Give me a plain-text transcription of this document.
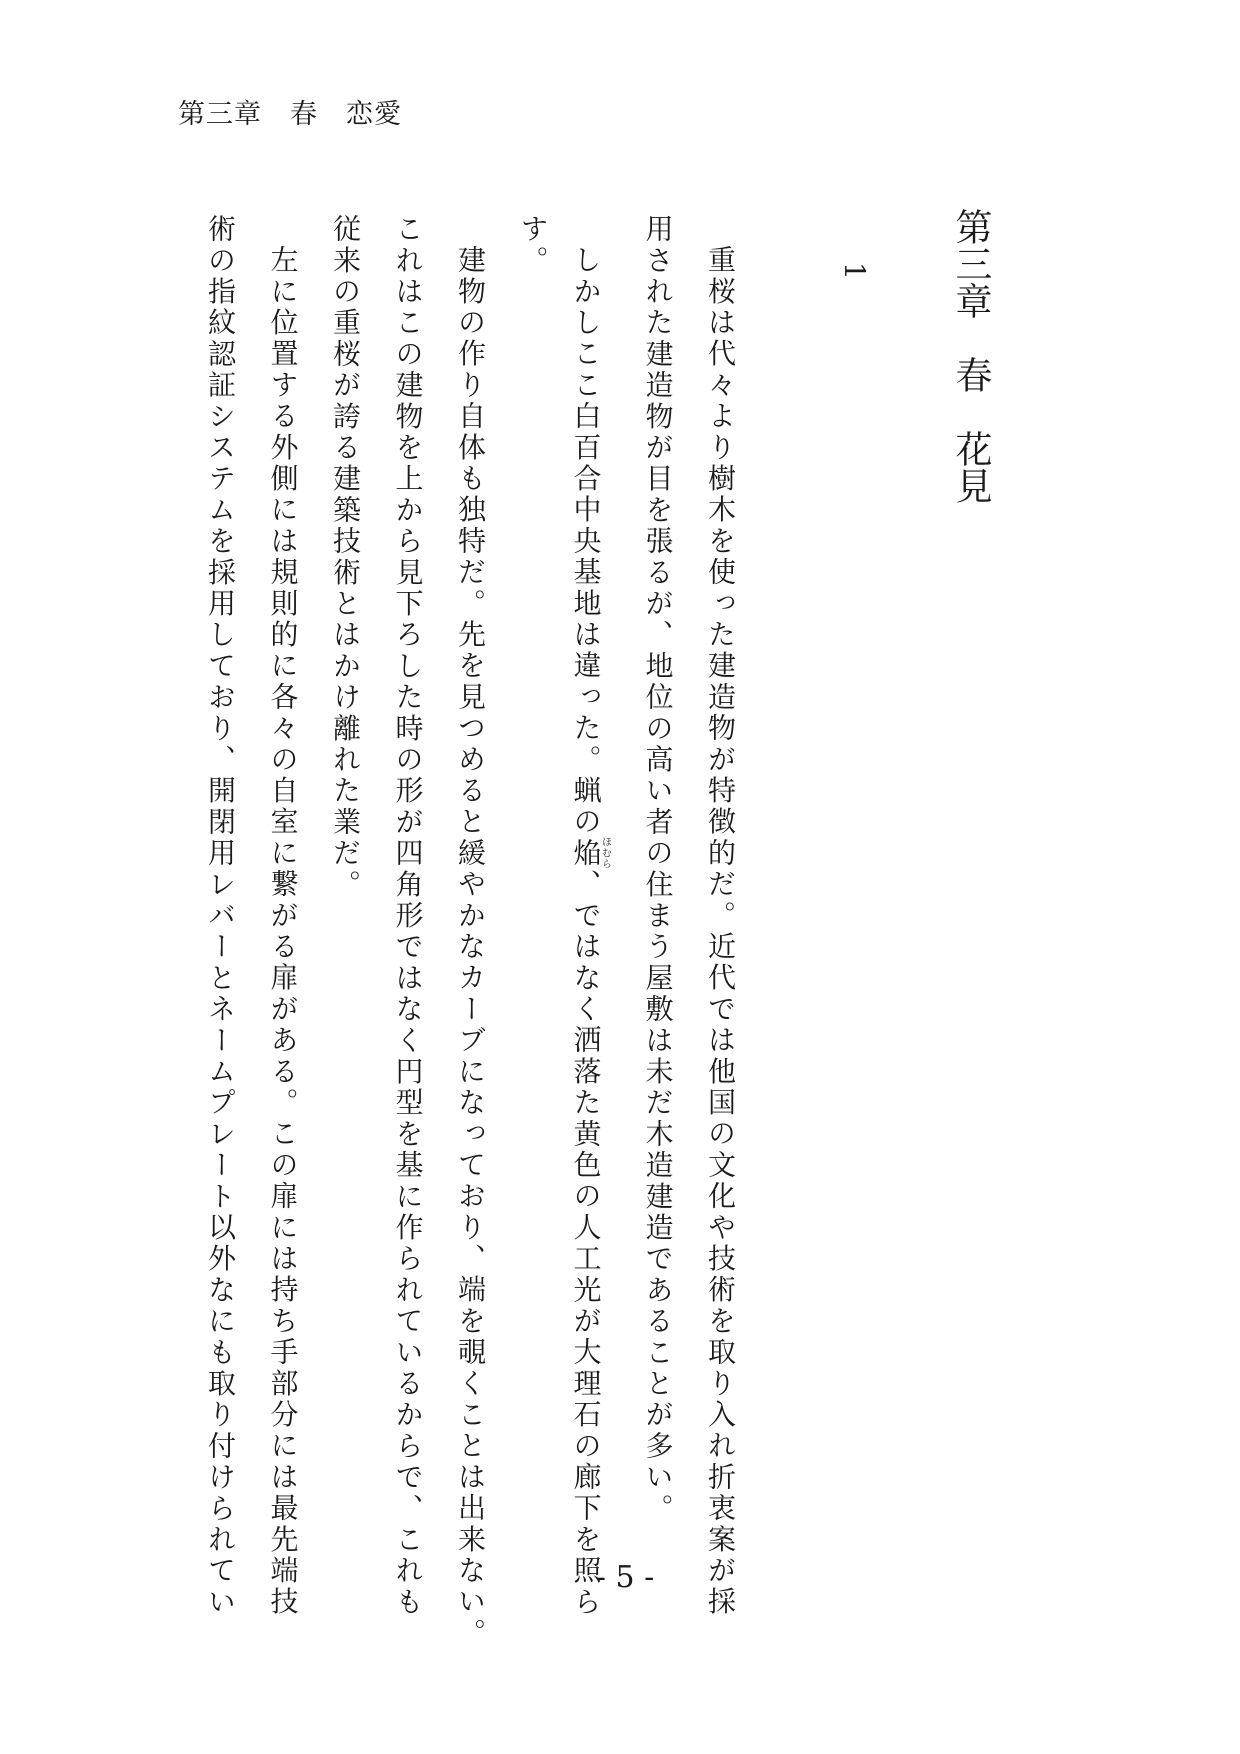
第三章　春　恋愛
第三章　春　花見
1
重桜は代々より樹木を使った建造物が特徴的だ。近代では他国の文化や技術を取り入れ折衷案が採
用された建造物が目を張るが、地位の高い者の住まう屋敷は未だ木造建造であることが多い。
しかしここ白百合中央基地は違った。蝋の焔ほむら、ではなく洒落た黄色の人工光が大理石の廊下を照ら
す。
建物の作り自体も独特だ。先を見つめると緩やかなカーブになっており、端を覗くことは出来ない。
これはこの建物を上から見下ろした時の形が四角形ではなく円型を基に作られているからで、これも
従来の重桜が誇る建築技術とはかけ離れた業だ。
左に位置する外側には規則的に各々の自室に繋がる扉がある。この扉には持ち手部分には最先端技
術の指紋認証システムを採用しており、開閉用レバーとネームプレート以外なにも取り付けられてい	- 5 -
